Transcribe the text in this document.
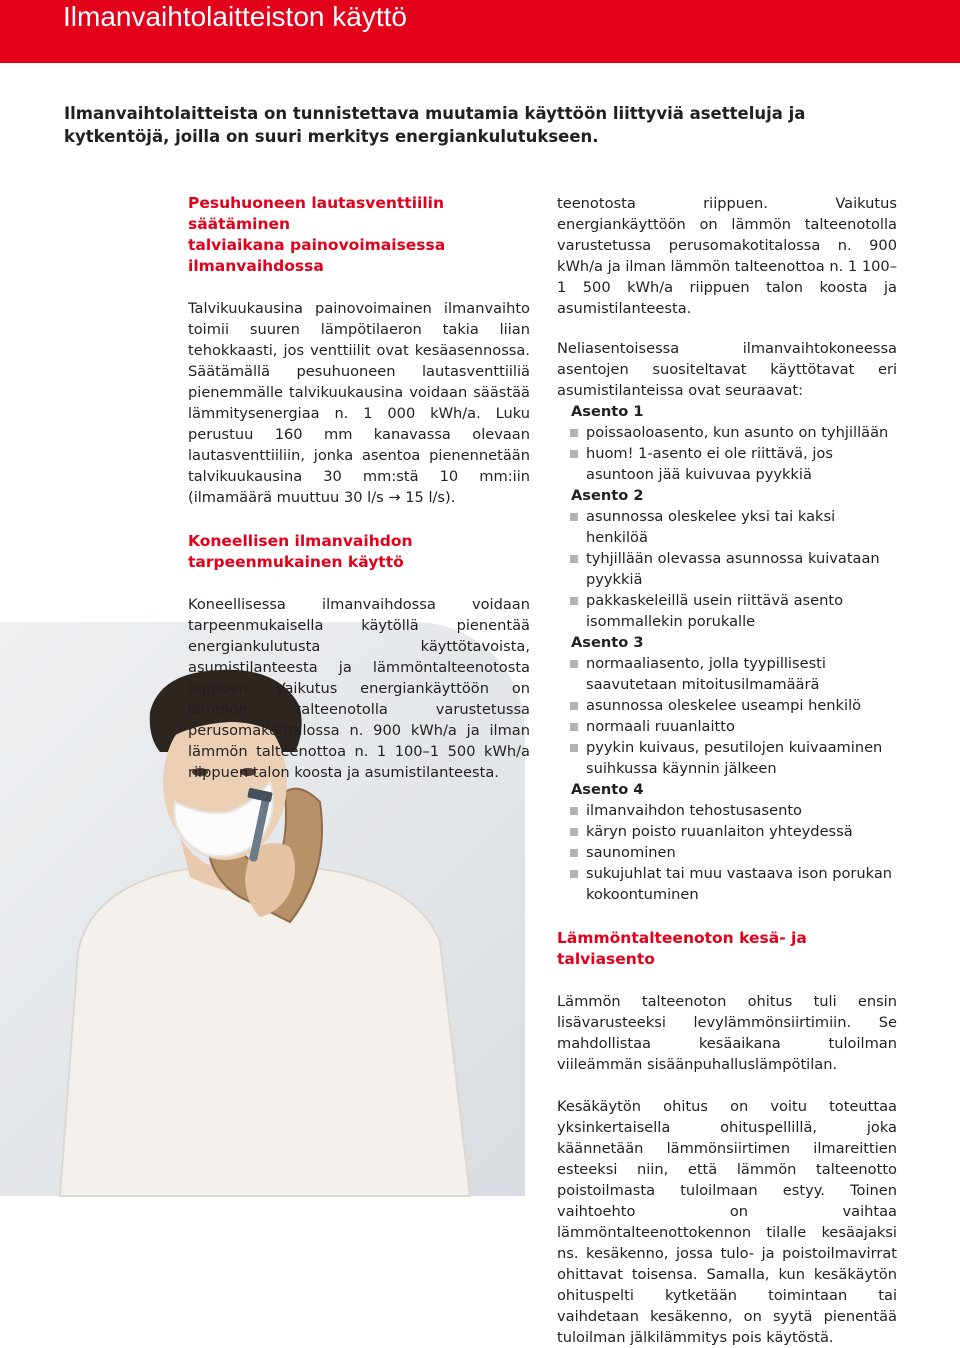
Ilmanvaihtolaitteiston käyttö
Ilmanvaihtolaitteista on tunnistettava muutamia käyttöön liittyviä asetteluja ja kytkentöjä, joilla on suuri merkitys energiankulutukseen.

Pesuhuoneen lautasventtiilin säätäminen
talviaikana painovoimaisessa ilmanvaihdossa

Talvikuukausina painovoimainen ilmanvaihto toimii suuren lämpötilaeron takia liian tehokkaasti, jos venttiilit ovat kesäasennossa. Säätämällä pesuhuoneen lautasventtiiliä pienemmälle talvikuukausina voidaan säästää lämmitysenergiaa n. 1 000 kWh/a. Luku perustuu 160 mm kanavassa olevaan lautasventtiiliin, jonka asentoa pienennetään talvikuukausina 30 mm:stä 10 mm:iin (ilmamäärä muuttuu 30 l/s → 15 l/s).

Koneellisen ilmanvaihdon
tarpeenmukainen käyttö

Koneellisessa ilmanvaihdossa voidaan tarpeenmukaisella käytöllä pienentää energiankulutusta käyttötavoista, asumistilanteesta ja lämmöntalteenotosta riippuen. Vaikutus energiankäyttöön on lämmön talteenotolla varustetussa perusomakotitalossa n. 900 kWh/a ja ilman lämmön talteenottoa n. 1 100–1 500 kWh/a riippuen talon koosta ja asumistilanteesta.

teenotosta riippuen. Vaikutus energiankäyttöön on lämmön talteenotolla varustetussa perusomakotitalossa n. 900 kWh/a ja ilman lämmön talteenottoa n. 1 100–1 500 kWh/a riippuen talon koosta ja asumistilanteesta.

Neliasentoisessa ilmanvaihtokoneessa asentojen suositeltavat käyttötavat eri asumistilanteissa ovat seuraavat:

Asento 1
poissaoloasento, kun asunto on tyhjillään
huom! 1-asento ei ole riittävä, jos asuntoon jää kuivuvaa pyykkiä
Asento 2
asunnossa oleskelee yksi tai kaksi henkilöä
tyhjillään olevassa asunnossa kuivataan pyykkiä
pakkaskeleillä usein riittävä asento isommallekin porukalle
Asento 3
normaaliasento, jolla tyypillisesti saavutetaan mitoitusilmamäärä
asunnossa oleskelee useampi henkilö
normaali ruuanlaitto
pyykin kuivaus, pesutilojen kuivaaminen suihkussa käynnin jälkeen
Asento 4
ilmanvaihdon tehostusasento
käryn poisto ruuanlaiton yhteydessä
saunominen
sukujuhlat tai muu vastaava ison porukan kokoontuminen

Lämmöntalteenoton kesä- ja talviasento

Lämmön talteenoton ohitus tuli ensin lisävarusteeksi levylämmönsiirtimiin. Se mahdollistaa kesäaikana tuloilman viileämmän sisäänpuhalluslämpötilan.

Kesäkäytön ohitus on voitu toteuttaa yksinkertaisella ohituspellillä, joka käännetään lämmönsiirtimen ilmareittien esteeksi niin, että lämmön talteenotto poistoilmasta tuloilmaan estyy. Toinen vaihtoehto on vaihtaa lämmöntalteenottokennon tilalle kesäajaksi ns. kesäkenno, jossa tulo- ja poistoilmavirrat ohittavat toisensa. Samalla, kun kesäkäytön ohituspelti kytketään toimintaan tai vaihdetaan kesäkenno, on syytä pienentää tuloilman jälkilämmitys pois käytöstä.
